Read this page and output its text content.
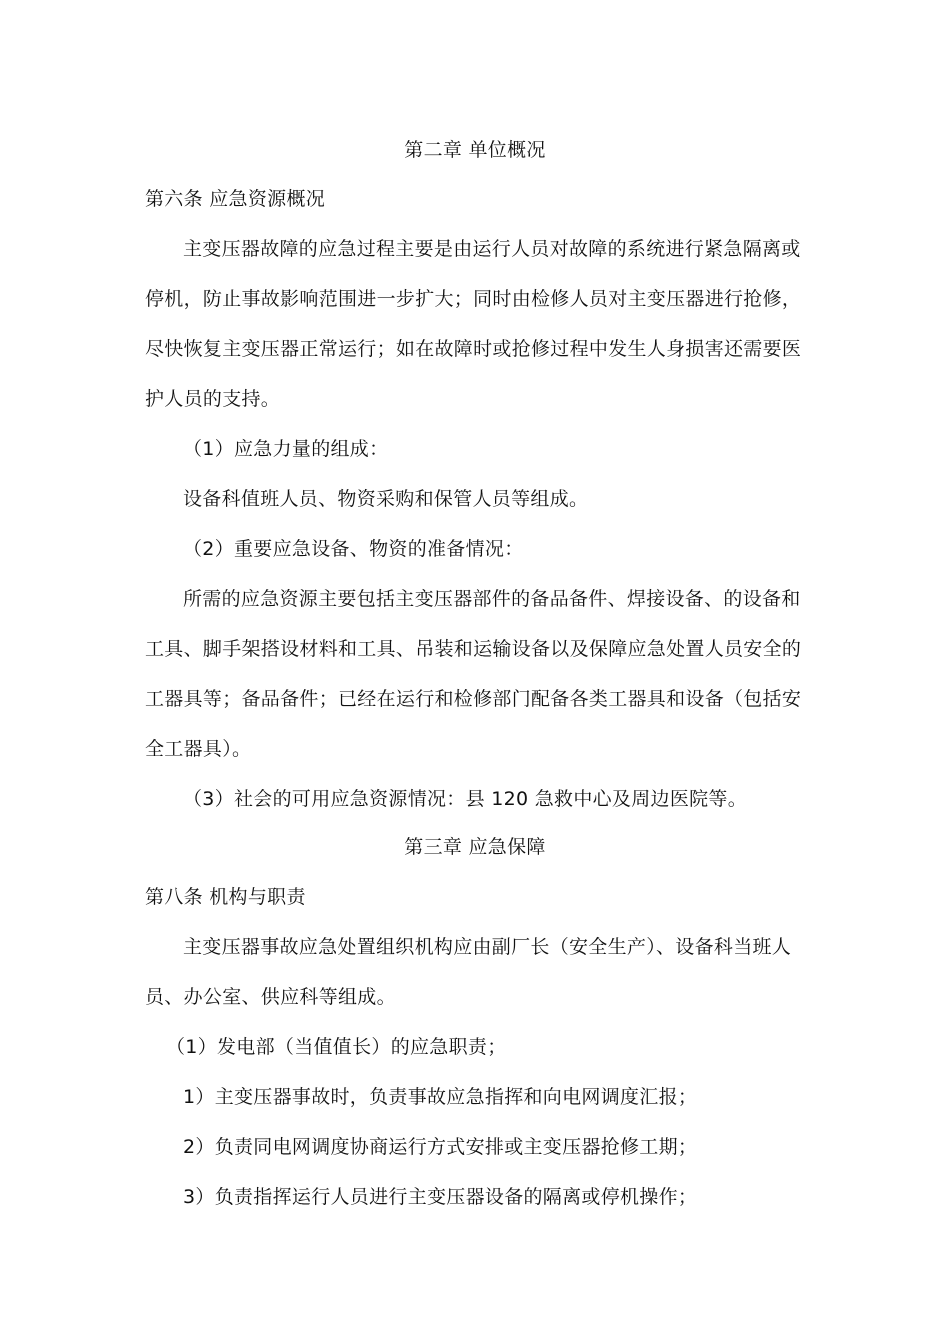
第二章 单位概况
第六条 应急资源概况
主变压器故障的应急过程主要是由运行人员对故障的系统进行紧急隔离或
停机，防止事故影响范围进一步扩大；同时由检修人员对主变压器进行抢修，
尽快恢复主变压器正常运行；如在故障时或抢修过程中发生人身损害还需要医
护人员的支持。
（1）应急力量的组成：
设备科值班人员、物资采购和保管人员等组成。
（2）重要应急设备、物资的准备情况：
所需的应急资源主要包括主变压器部件的备品备件、焊接设备、的设备和
工具、脚手架搭设材料和工具、吊装和运输设备以及保障应急处置人员安全的
工器具等；备品备件；已经在运行和检修部门配备各类工器具和设备（包括安
全工器具）。
（3）社会的可用应急资源情况：县 120 急救中心及周边医院等。
第三章 应急保障
第八条 机构与职责
主变压器事故应急处置组织机构应由副厂长（安全生产）、设备科当班人
员、办公室、供应科等组成。
（1）发电部（当值值长）的应急职责；
1）主变压器事故时，负责事故应急指挥和向电网调度汇报；
2）负责同电网调度协商运行方式安排或主变压器抢修工期；
3）负责指挥运行人员进行主变压器设备的隔离或停机操作；
